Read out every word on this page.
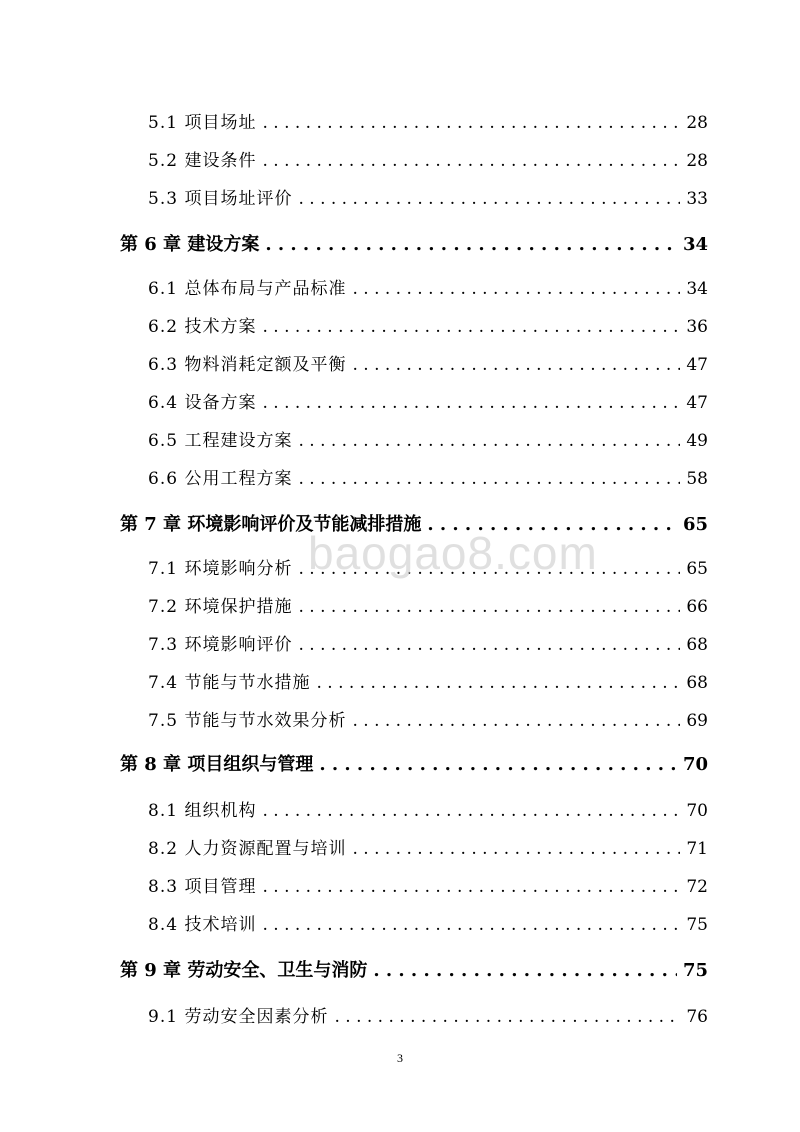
5.1 项目场址 . . .	28
5.2 建设条件 . . .	28
5.3 项目场址评价 . . .	33
第 6 章 建设方案 . . .	34
6.1 总体布局与产品标准 . . .	34
6.2 技术方案 . . .	36
6.3 物料消耗定额及平衡 . . .	47
6.4 设备方案 . . .	47
6.5 工程建设方案 . . .	49
6.6 公用工程方案 . . .	58
第 7 章 环境影响评价及节能减排措施 . . .	65
7.1 环境影响分析 . . .	65
7.2 环境保护措施 . . .	66
7.3 环境影响评价 . . .	68
7.4 节能与节水措施 . . .	68
7.5 节能与节水效果分析 . . .	69
第 8 章 项目组织与管理 . . .	70
8.1 组织机构 . . .	70
8.2 人力资源配置与培训 . . .	71
8.3 项目管理 . . .	72
8.4 技术培训 . . .	75
第 9 章 劳动安全、卫生与消防 . . .	75
9.1 劳动安全因素分析 . . .	76
baogao8.com
3
